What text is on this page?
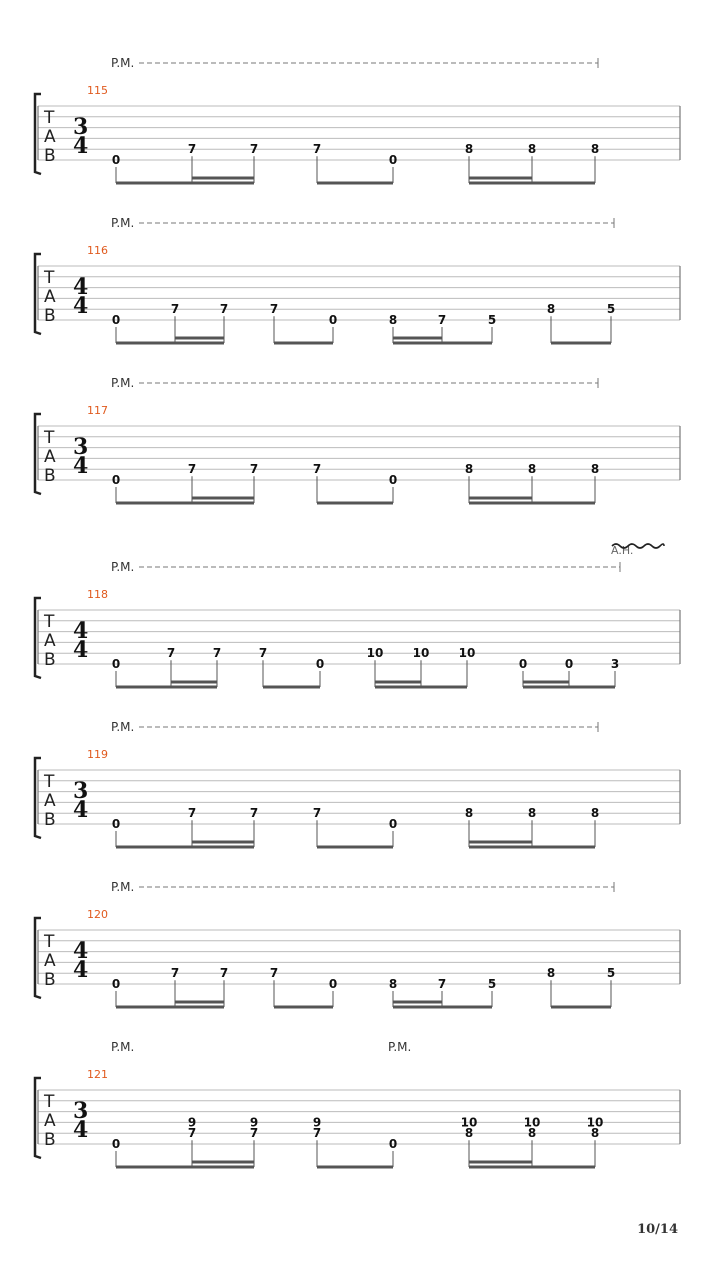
T
A
B
3
4
115
P.M.
0
7	7	7
0
8	8	8
T
A
B
4
4
116
P.M.
0
7	7	7
0	8	7	5
8	5
T
A
B
3
4
117
P.M.
0
7	7	7
0
8	8	8
T
A
B
4
4
118
P.M.
A.H.
0
7	7	7
0
10 10 10
0	0	3
T
A
B
3
4
119
P.M.
0
7	7	7
0
8	8	8
T
A
B
4
4
120
P.M.
0
7	7	7
0	8	7	5
8	5
T
A
B
3
4
121
P.M.	P.M.
0
9
7
9
7
9
7
0
10
8
10
8
10
8
10/14
